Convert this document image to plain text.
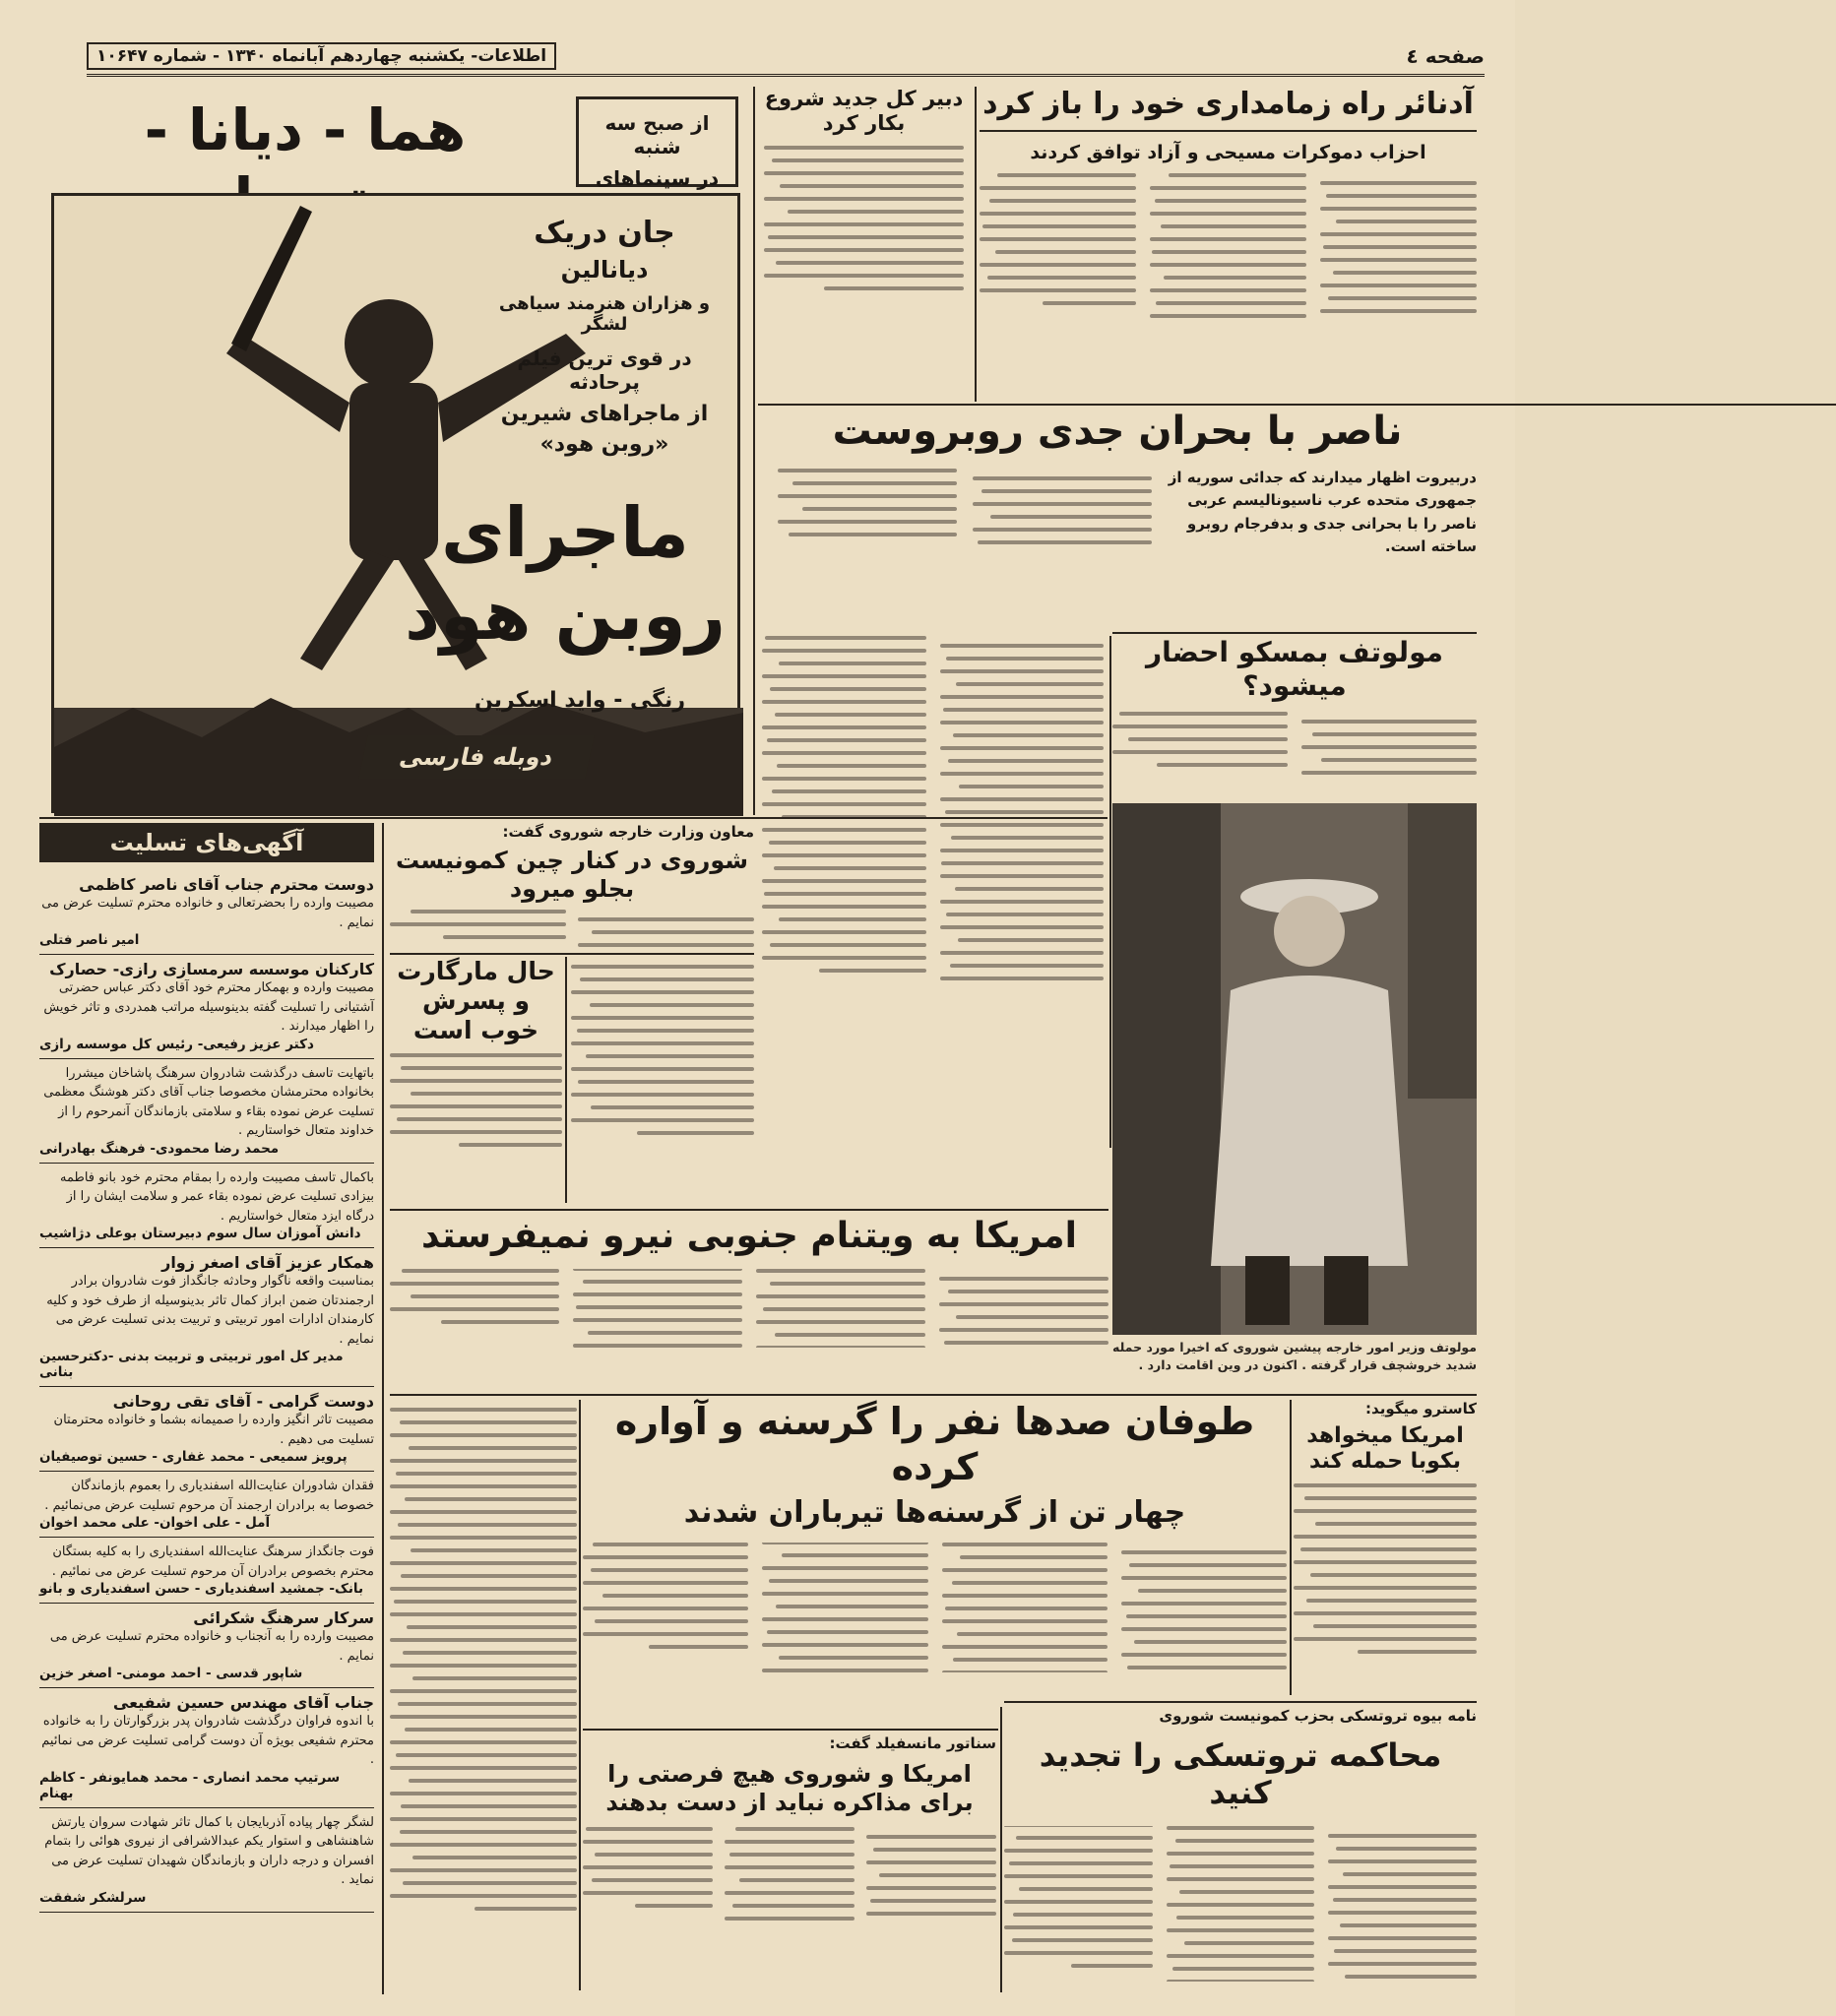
صفحه ٤
اطلاعات- یکشنبه چهاردهم آبانماه ۱۳۴۰ - شماره ۱۰۶۴۷
هما - دیانا -	از صبح سه شنبه
در سینماهای
جان دریک
دیانالین
و هزاران هنرمند سیاهی لشگر
در قوی ترین فیلم پرحادثه
از ماجراهای شیرین
«روبن هود»
ماجرای روبن هود
رنگی - واید اسکرین
دوبله فارسی
دبیر کل جدید شروع بکار کرد
آدنائر راه زمامداری خود را باز کرد
احزاب دموکرات مسیحی و آزاد توافق کردند
ناصر با بحران جدی روبروست
دربیروت اظهار میدارند که جدائی سوریه از جمهوری متحده عرب ناسیونالیسم عربی ناصر را با بحرانی جدی و بدفرجام روبرو ساخته است.
مولوتف بمسکو احضار میشود؟
مولوتف وزیر امور خارجه پیشین شوروی که اخیرا مورد حمله شدید خروشچف قرار گرفته . اکنون در وین اقامت دارد .
آگهی‌های تسلیت
دوست محترم جناب آقای ناصر کاظمی
مصیبت وارده را بحضرتعالی و خانواده محترم تسلیت عرض می نمایم .
امیر ناصر فتلی
کارکنان موسسه سرمسازی رازی- حصارک
مصیبت وارده و بهمکار محترم خود آقای دکتر عباس حضرتی آشتیانی را تسلیت گفته بدینوسیله مراتب همدردی و تاثر خویش را اظهار میدارند .
دکتر عزیز رفیعی- رئیس کل موسسه رازی
باتهایت تاسف درگذشت شادروان سرهنگ پاشاخان میشررا بخانواده محترمشان مخصوصا جناب آقای دکتر هوشنگ معظمی تسلیت عرض نموده بقاء و سلامتی بازماندگان آنمرحوم را از خداوند متعال خواستاریم .
محمد رضا محمودی- فرهنگ بهادرانی
باکمال تاسف مصیبت وارده را بمقام محترم خود بانو فاطمه بیزادی تسلیت عرض نموده بقاء عمر و سلامت ایشان را از درگاه ایزد متعال خواستاریم .
دانش آموزان سال سوم دبیرستان بوعلی دژاشیب
همکار عزیز آقای اصغر زوار
بمناسبت واقعه ناگوار وحادثه جانگداز فوت شادروان برادر ارجمندتان ضمن ابراز کمال تاثر بدینوسیله از طرف خود و کلیه کارمندان ادارات امور تربیتی و تربیت بدنی تسلیت عرض می نمایم .
مدیر کل امور تربیتی و تربیت بدنی -دکترحسین بنانی
دوست گرامی - آقای تقی روحانی
مصیبت تاثر انگیز وارده را صمیمانه بشما و خانواده محترمتان تسلیت می دهیم .
پرویز سمیعی - محمد غفاری - حسین توصیفیان
فقدان شادوران عنایت‌الله اسفندیاری را بعموم بازماندگان خصوصا به برادران ارجمند آن مرحوم تسلیت عرض می‌نمائیم .
آمل - علی اخوان- علی محمد اخوان
فوت جانگداز سرهنگ عنایت‌الله اسفندیاری را به کلیه بستگان محترم بخصوص برادران آن مرحوم تسلیت عرض می نمائیم .
بانک- جمشید اسفندیاری - حسن اسفندیاری و بانو
سرکار سرهنگ شکرائی
مصیبت وارده را به آنجناب و خانواده محترم تسلیت عرض می نمایم .
شاپور قدسی - احمد مومنی- اصغر خزین
جناب آقای مهندس حسین شفیعی
با اندوه فراوان درگذشت شادروان پدر بزرگوارتان را به خانواده محترم شفیعی بویژه آن دوست گرامی تسلیت عرض می نمائیم .
سرتیپ محمد انصاری - محمد همایونفر - کاظم بهنام
لشگر چهار پیاده آذربایجان با کمال تاثر شهادت سروان یارتش شاهنشاهی و استوار یکم عبدالاشرافی از نیروی هوائی را بتمام افسران و درجه داران و بازماندگان شهیدان تسلیت عرض می نماید .
سرلشکر شفقت
معاون وزارت خارجه شوروی گفت:
شوروی در کنار چین کمونیست بجلو میرود
حال مارگارت و پسرش خوب است
امریکا به ویتنام جنوبی نیرو نمیفرستد
طوفان صدها نفر را گرسنه و آواره کرده
چهار تن از گرسنه‌ها تیرباران شدند
کاسترو میگوید:
امریکا میخواهد بکوبا حمله کند
نامه بیوه تروتسکی بحزب کمونیست شوروی
محاکمه تروتسکی را تجدید کنید
سناتور مانسفیلد گفت:
امریکا و شوروی هیچ فرصتی را برای مذاکره نباید از دست بدهند
